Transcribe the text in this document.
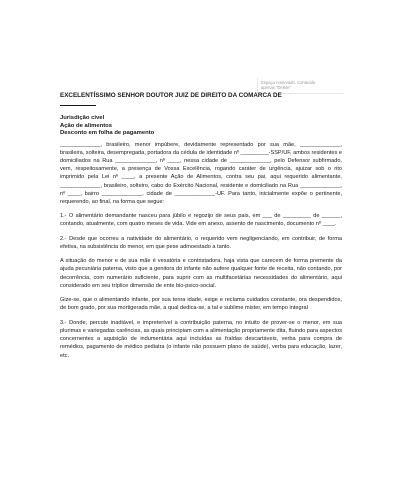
Espaço reservado. Conteúdo
apenas "Delete"
EXCELENTÍSSIMO SENHOR DOUTOR JUIZ DE DIREITO DA COMARCA DE
Jurisdição cível
Ação de alimentos
Desconto em folha de pagamento

_____________, brasileiro, menor impúbere, devidamente representado por sua mãe, _____________, brasileira, solteira, desempregada, portadora da cédula de identidade nº _________-SSP/UF, ambos residentes e domiciliados na Rua _____________, nº ____, nessa cidade de _____________, pelo Defensor subfirmado, vem, respeitosamente, a presença de Vossa Excelência, rogando caráter de urgência, ajuizar sob o rito imprimido pela Lei nº ____, a presente Ação de Alimentos, contra seu pai, aqui requerido alimentante, _____________, brasileiro, solteiro, cabo do Exército Nacional, residente e domiciliado na Rua _____________, nº ____, bairro _____________, cidade de _____________-UF. Para tanto, inicialmente expõe o pertinente, requerendo, ao final, na forma que segue:

1.- O alimentário demandante nasceu para júbilo e regozijo de seus pais, em ___ de _________ de ______, contando, atualmente, com quatro meses de vida. Vide em anexo, assento de nascimento, documento nº ____.

2.- Desde que ocorreu a natividade do alimentário, o requerido vem negligenciando, em contribuir, de forma efetiva, na subsistência do menor, em que pese admoestado a tanto.

A situação do menor e de sua mãe é vexatória e contristadora, haja vista que carecem de forma premente da ajuda pecuniária paterna, visto que a genitora do infante não aufere qualquer fonte de receita, não contando, por decorrência, com numerário suficiente, para suprir com as multifacetárias necessidades do alimentário, aqui considerado em seu tríplice dimensão de ente bio-psico-social.

Gize-se, que o alimentando infante, por sua tenra idade, exige e reclama cuidados constante, ora despendidos, de bom grado, por sua mortigerada mãe, a qual dedica-se, a tal e sublime mister, em tempo integral

3.- Donde, percute inadiável, e impreterível a contribuição paterna, no intuito de prover-se o menor, em sua plurimas e variegadas carências, as quais principiam com a alimentação propriamente dita, fluindo para aspectos concernentes a aquisição de indumentária aqui incluídas as fraldas descartáveis, verba para compra de remédios, pagamento de médico pediatra (o infante não possuem plano de saúde), verba para educação, lazer, etc.
